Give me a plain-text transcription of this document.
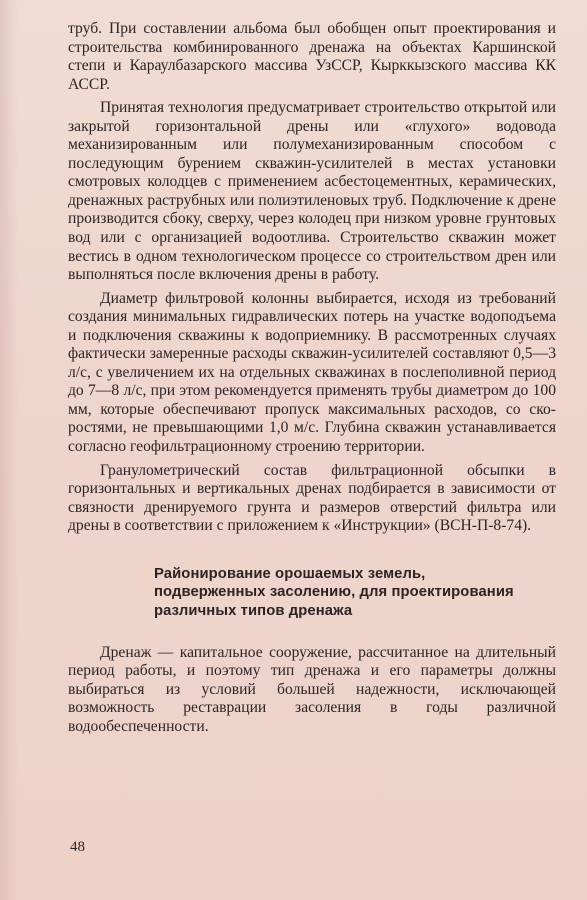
труб. При составлении альбома был обобщен опыт проектирования и строительства комбинированного дренажа на объектах Каршинской степи и Караулбазарского массива УзССР, Кырккызского массива КК АССР.

Принятая технология предусматривает строительство открытой или закрытой горизонтальной дрены или «глухого» водовода механизированным или полумеханизированным способом с последующим бурением скважин-усилителей в местах установки смотровых колодцев с применением асбестоцементных, керамических, дренажных раструбных или полиэтиленовых труб. Подключение к дрене производится сбоку, сверху, через колодец при низком уровне грунтовых вод или с организацией водоотлива. Строительство скважин может вестись в одном технологическом процессе со строительством дрен или выполняться после включения дрены в работу.

Диаметр фильтровой колонны выбирается, исходя из требований создания минимальных гидравлических потерь на участке водоподъема и подключения скважины к водоприемнику. В рассмотренных случаях фактически замеренные расходы скважин-усилителей составляют 0,5—3 л/с, с увеличением их на отдельных скважинах в послеполивной период до 7—8 л/с, при этом рекомендуется применять трубы диаметром до 100 мм, которые обеспечивают пропуск максимальных расходов, со скоростями, не превышающими 1,0 м/с. Глубина скважин устанавливается согласно геофильтрационному строению территории.

Гранулометрический состав фильтрационной обсыпки в горизонтальных и вертикальных дренах подбирается в зависимости от связности дренируемого грунта и размеров отверстий фильтра или дрены в соответствии с приложением к «Инструкции» (ВСН-П-8-74).

Районирование орошаемых земель,
подверженных засолению, для проектирования
различных типов дренажа

Дренаж — капитальное сооружение, рассчитанное на длительный период работы, и поэтому тип дренажа и его параметры должны выбираться из условий большей надежности, исключающей возможность реставрации засоления в годы различной водообеспеченности.

48
